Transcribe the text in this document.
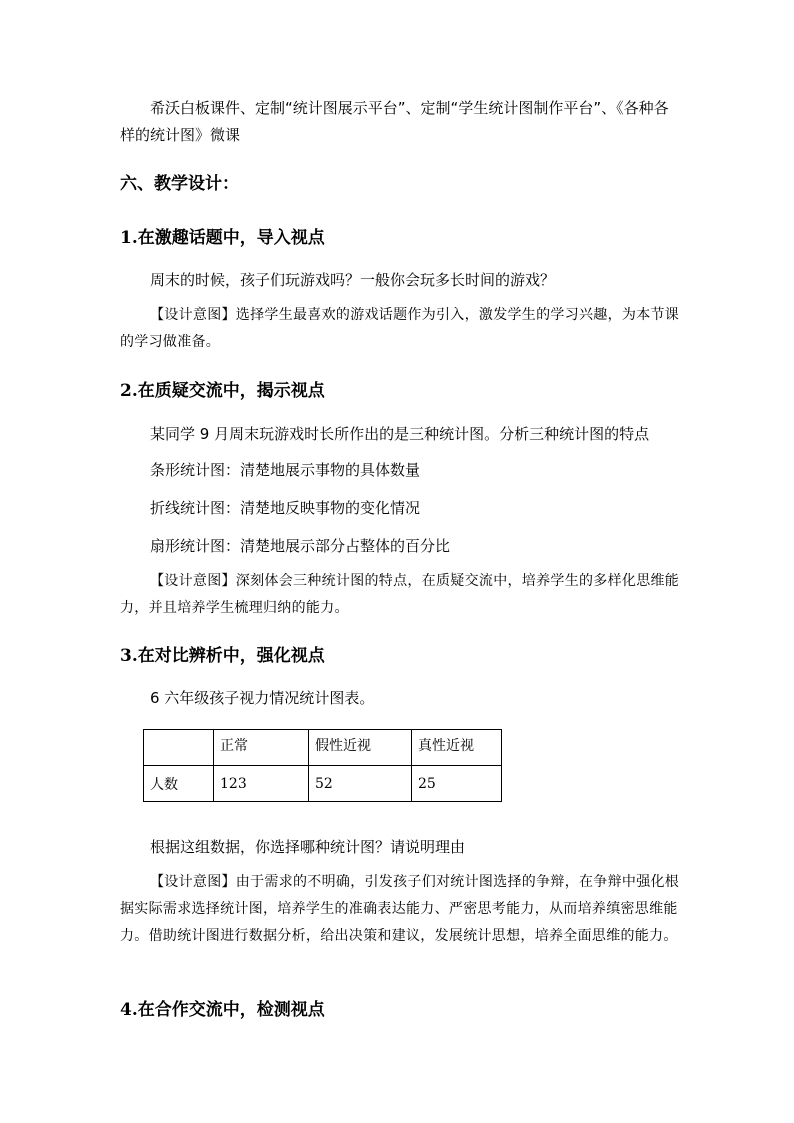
希沃白板课件、定制“统计图展示平台”、定制“学生统计图制作平台”、《各种各样的统计图》微课

六、教学设计：

1.在激趣话题中，导入视点

周末的时候，孩子们玩游戏吗？一般你会玩多长时间的游戏？

【设计意图】选择学生最喜欢的游戏话题作为引入，激发学生的学习兴趣，为本节课的学习做准备。

2.在质疑交流中，揭示视点

某同学 9 月周末玩游戏时长所作出的是三种统计图。分析三种统计图的特点

条形统计图：清楚地展示事物的具体数量

折线统计图：清楚地反映事物的变化情况

扇形统计图：清楚地展示部分占整体的百分比

【设计意图】深刻体会三种统计图的特点，在质疑交流中，培养学生的多样化思维能力，并且培养学生梳理归纳的能力。

3.在对比辨析中，强化视点

6 六年级孩子视力情况统计图表。

	正常	假性近视	真性近视
人数	123	52	25

根据这组数据，你选择哪种统计图？请说明理由

【设计意图】由于需求的不明确，引发孩子们对统计图选择的争辩，在争辩中强化根据实际需求选择统计图，培养学生的准确表达能力、严密思考能力，从而培养缜密思维能力。借助统计图进行数据分析，给出决策和建议，发展统计思想，培养全面思维的能力。

4.在合作交流中，检测视点
